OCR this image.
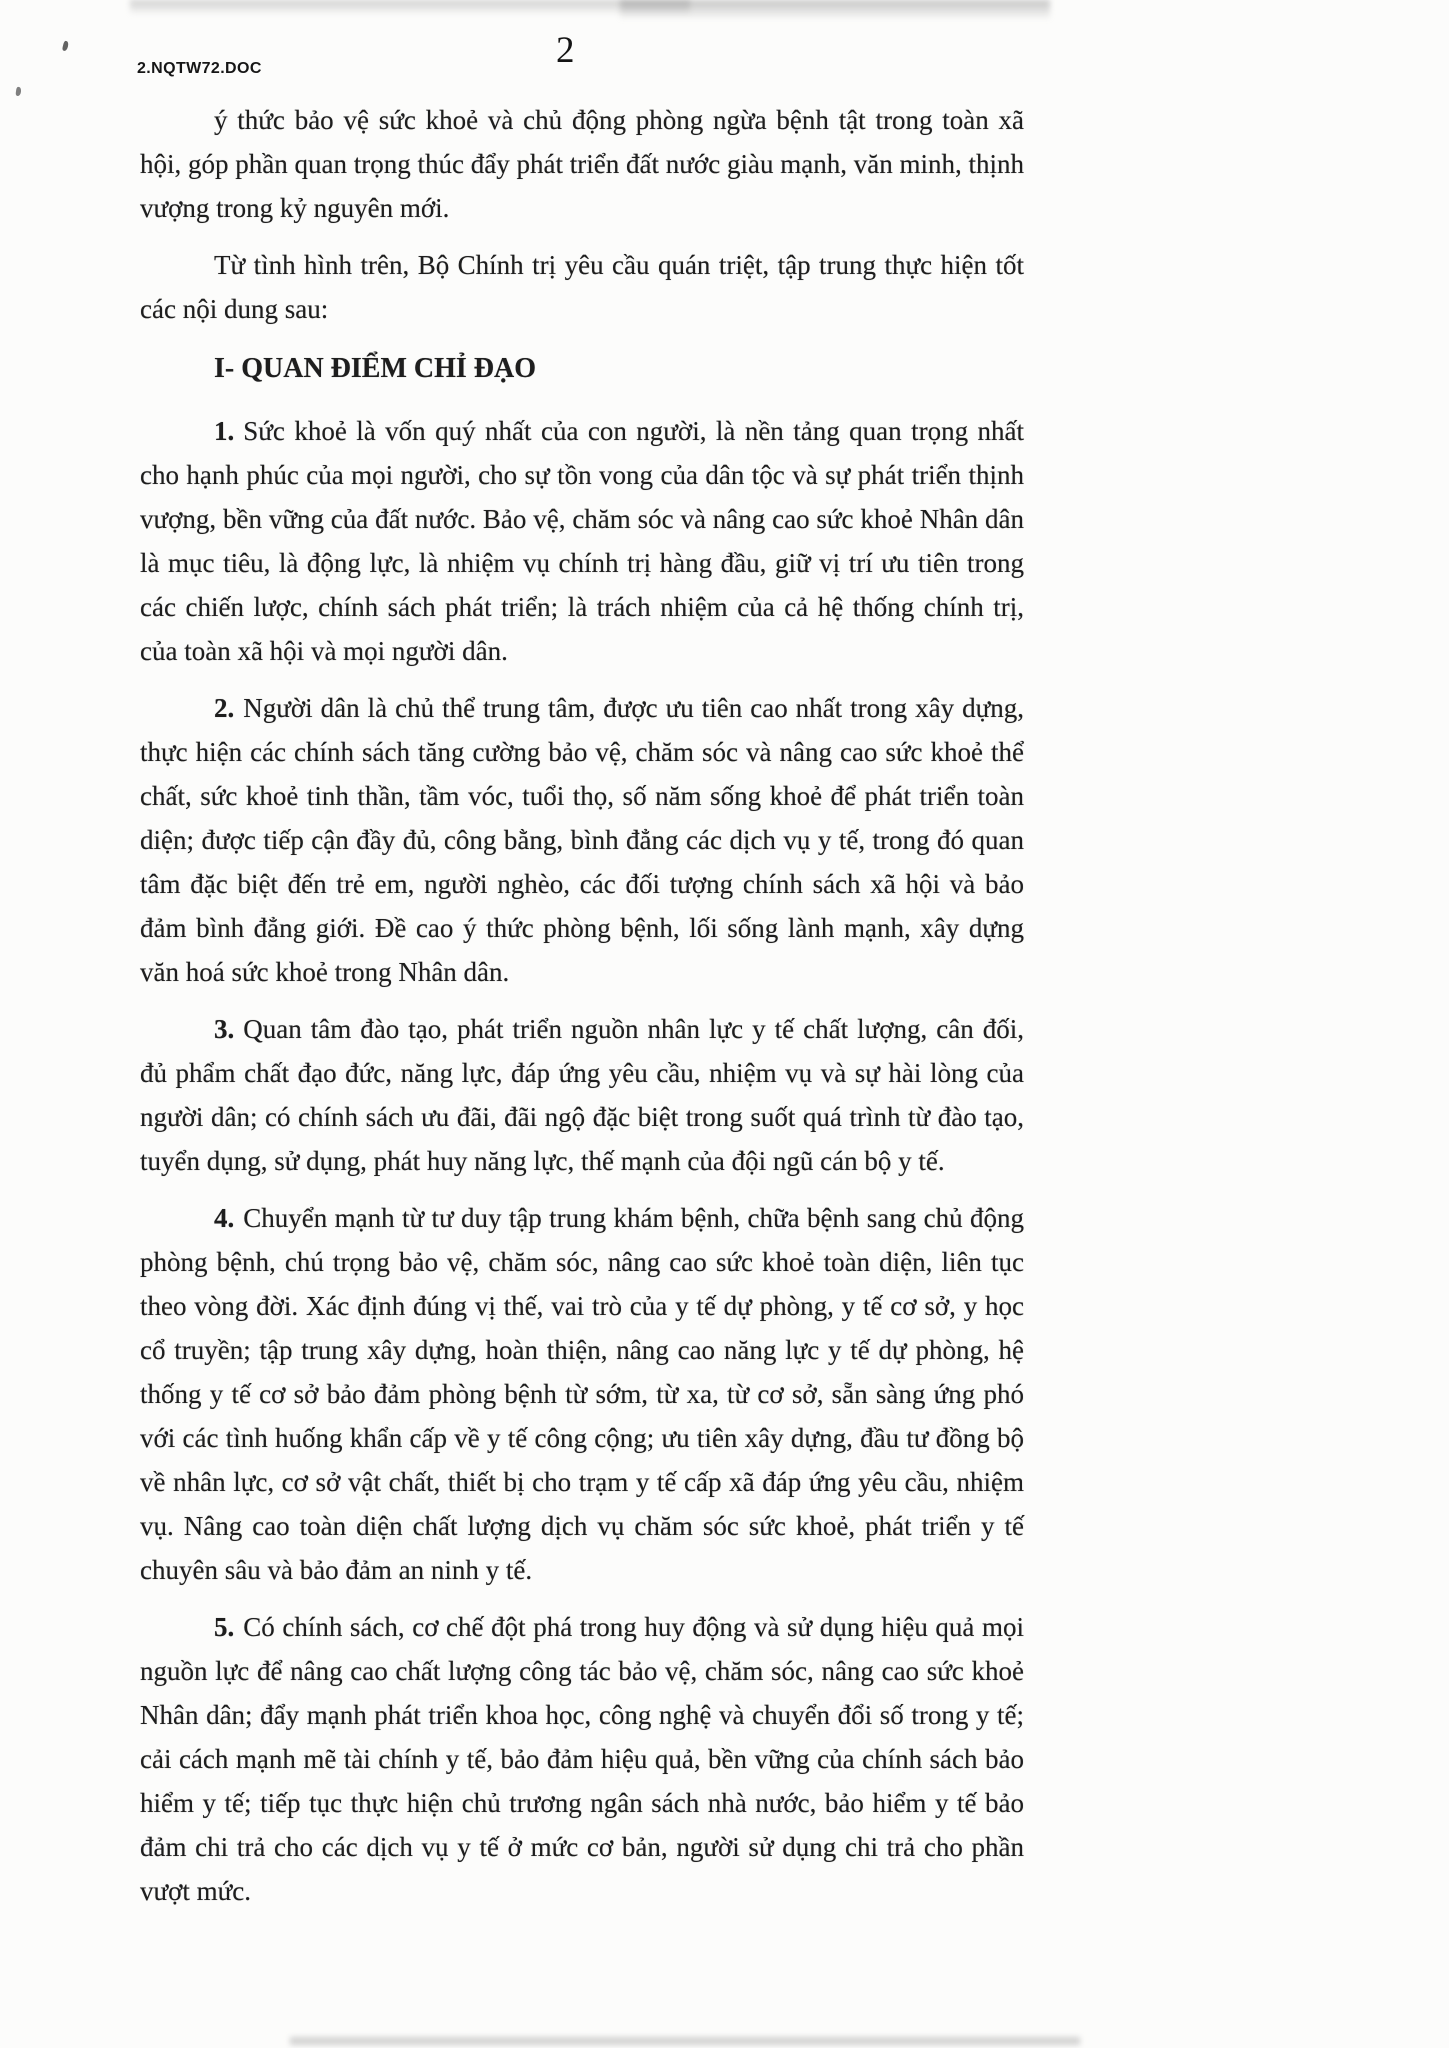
2.NQTW72.DOC	2

ý thức bảo vệ sức khoẻ và chủ động phòng ngừa bệnh tật trong toàn xã hội, góp phần quan trọng thúc đẩy phát triển đất nước giàu mạnh, văn minh, thịnh vượng trong kỷ nguyên mới.

Từ tình hình trên, Bộ Chính trị yêu cầu quán triệt, tập trung thực hiện tốt các nội dung sau:

I- QUAN ĐIỂM CHỈ ĐẠO

1. Sức khoẻ là vốn quý nhất của con người, là nền tảng quan trọng nhất cho hạnh phúc của mọi người, cho sự tồn vong của dân tộc và sự phát triển thịnh vượng, bền vững của đất nước. Bảo vệ, chăm sóc và nâng cao sức khoẻ Nhân dân là mục tiêu, là động lực, là nhiệm vụ chính trị hàng đầu, giữ vị trí ưu tiên trong các chiến lược, chính sách phát triển; là trách nhiệm của cả hệ thống chính trị, của toàn xã hội và mọi người dân.

2. Người dân là chủ thể trung tâm, được ưu tiên cao nhất trong xây dựng, thực hiện các chính sách tăng cường bảo vệ, chăm sóc và nâng cao sức khoẻ thể chất, sức khoẻ tinh thần, tầm vóc, tuổi thọ, số năm sống khoẻ để phát triển toàn diện; được tiếp cận đầy đủ, công bằng, bình đẳng các dịch vụ y tế, trong đó quan tâm đặc biệt đến trẻ em, người nghèo, các đối tượng chính sách xã hội và bảo đảm bình đẳng giới. Đề cao ý thức phòng bệnh, lối sống lành mạnh, xây dựng văn hoá sức khoẻ trong Nhân dân.

3. Quan tâm đào tạo, phát triển nguồn nhân lực y tế chất lượng, cân đối, đủ phẩm chất đạo đức, năng lực, đáp ứng yêu cầu, nhiệm vụ và sự hài lòng của người dân; có chính sách ưu đãi, đãi ngộ đặc biệt trong suốt quá trình từ đào tạo, tuyển dụng, sử dụng, phát huy năng lực, thế mạnh của đội ngũ cán bộ y tế.

4. Chuyển mạnh từ tư duy tập trung khám bệnh, chữa bệnh sang chủ động phòng bệnh, chú trọng bảo vệ, chăm sóc, nâng cao sức khoẻ toàn diện, liên tục theo vòng đời. Xác định đúng vị thế, vai trò của y tế dự phòng, y tế cơ sở, y học cổ truyền; tập trung xây dựng, hoàn thiện, nâng cao năng lực y tế dự phòng, hệ thống y tế cơ sở bảo đảm phòng bệnh từ sớm, từ xa, từ cơ sở, sẵn sàng ứng phó với các tình huống khẩn cấp về y tế công cộng; ưu tiên xây dựng, đầu tư đồng bộ về nhân lực, cơ sở vật chất, thiết bị cho trạm y tế cấp xã đáp ứng yêu cầu, nhiệm vụ. Nâng cao toàn diện chất lượng dịch vụ chăm sóc sức khoẻ, phát triển y tế chuyên sâu và bảo đảm an ninh y tế.

5. Có chính sách, cơ chế đột phá trong huy động và sử dụng hiệu quả mọi nguồn lực để nâng cao chất lượng công tác bảo vệ, chăm sóc, nâng cao sức khoẻ Nhân dân; đẩy mạnh phát triển khoa học, công nghệ và chuyển đổi số trong y tế; cải cách mạnh mẽ tài chính y tế, bảo đảm hiệu quả, bền vững của chính sách bảo hiểm y tế; tiếp tục thực hiện chủ trương ngân sách nhà nước, bảo hiểm y tế bảo đảm chi trả cho các dịch vụ y tế ở mức cơ bản, người sử dụng chi trả cho phần vượt mức.
